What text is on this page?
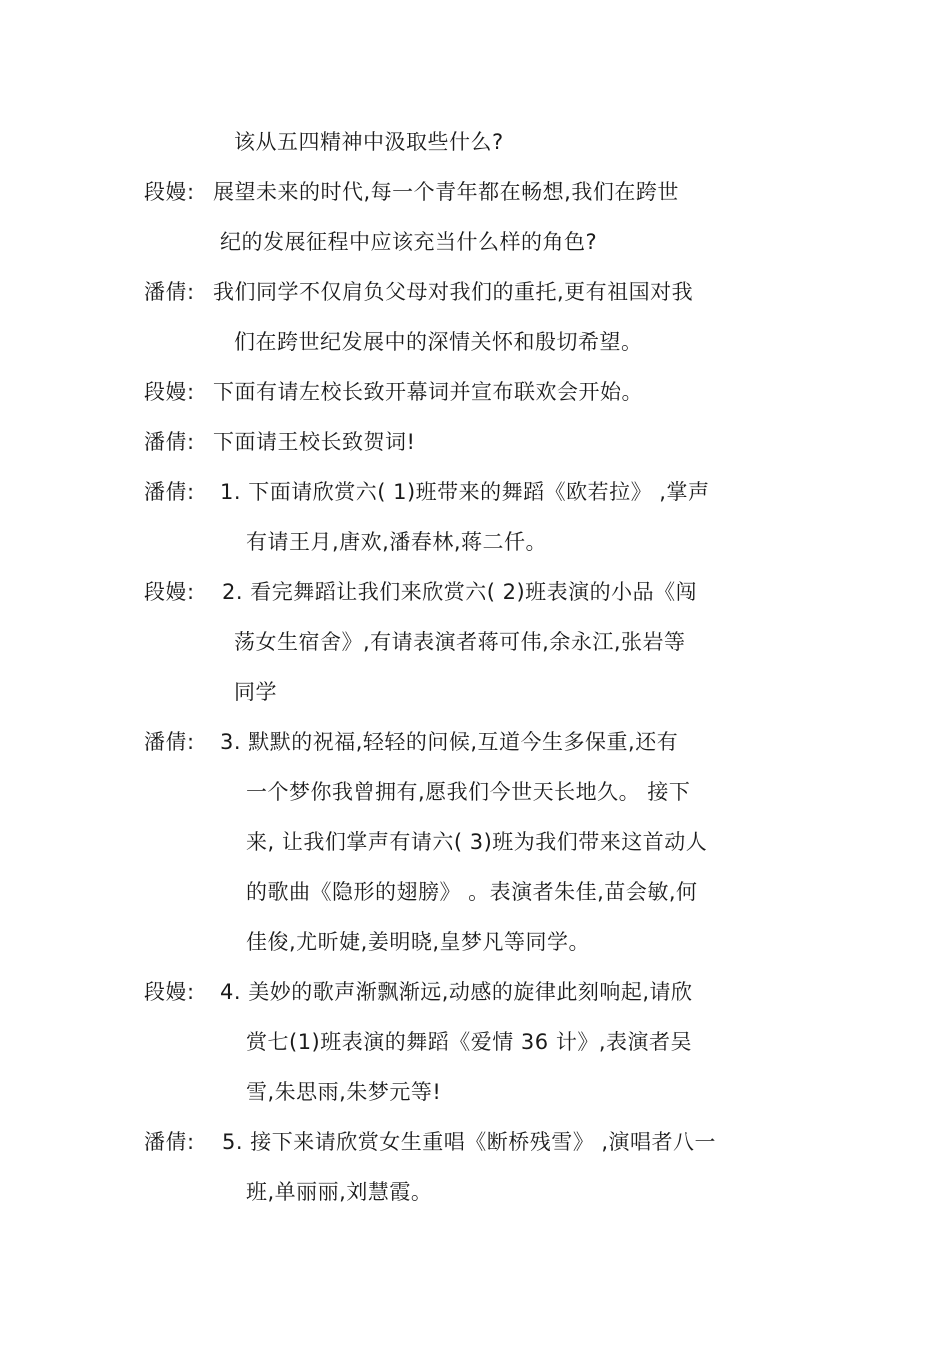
该从五四精神中汲取些什么?
段嫚: 展望未来的时代,每一个青年都在畅想,我们在跨世
纪的发展征程中应该充当什么样的角色?
潘倩: 我们同学不仅肩负父母对我们的重托,更有祖国对我
们在跨世纪发展中的深情关怀和殷切希望。
段嫚: 下面有请左校长致开幕词并宣布联欢会开始。
潘倩: 下面请王校长致贺词!
潘倩: 1. 下面请欣赏六( 1)班带来的舞蹈《欧若拉》 ,掌声
有请王月,唐欢,潘春林,蒋二仟。
段嫚: 2. 看完舞蹈让我们来欣赏六( 2)班表演的小品《闯
荡女生宿舍》,有请表演者蒋可伟,余永江,张岩等
同学
潘倩: 3. 默默的祝福,轻轻的问候,互道今生多保重,还有
一个梦你我曾拥有,愿我们今世天长地久。 接下
来, 让我们掌声有请六( 3)班为我们带来这首动人
的歌曲《隐形的翅膀》 。表演者朱佳,苗会敏,何
佳俊,尤昕婕,姜明晓,皇梦凡等同学。
段嫚: 4. 美妙的歌声渐飘渐远,动感的旋律此刻响起,请欣
赏七(1)班表演的舞蹈《爱情 36 计》,表演者吴
雪,朱思雨,朱梦元等!
潘倩: 5. 接下来请欣赏女生重唱《断桥残雪》 ,演唱者八一
班,单丽丽,刘慧霞。
